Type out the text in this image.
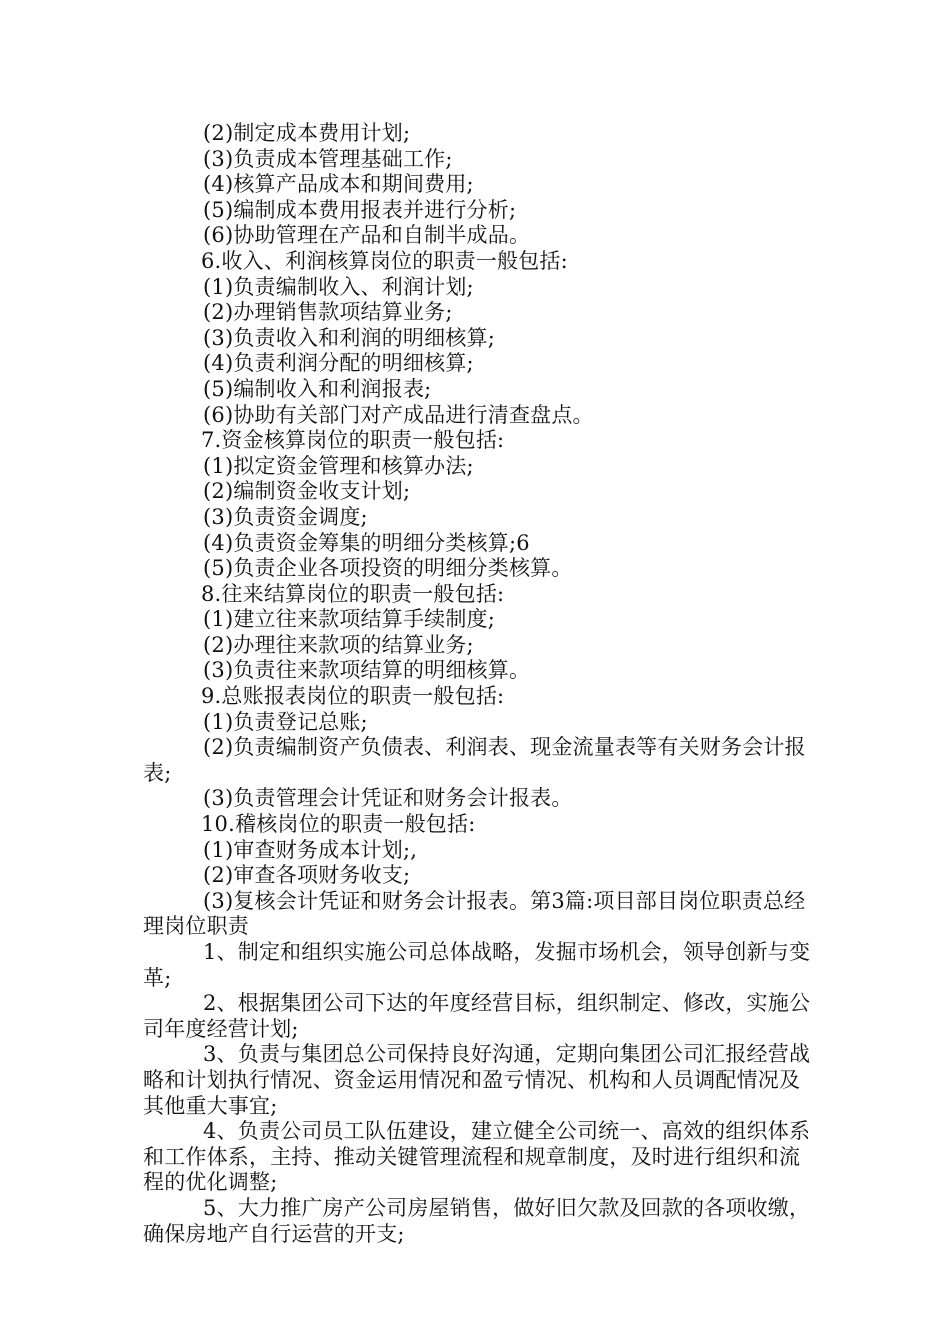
(2)制定成本费用计划;

(3)负责成本管理基础工作;

(4)核算产品成本和期间费用;

(5)编制成本费用报表并进行分析;

(6)协助管理在产品和自制半成品。

6.收入、利润核算岗位的职责一般包括:

(1)负责编制收入、利润计划;

(2)办理销售款项结算业务;

(3)负责收入和利润的明细核算;

(4)负责利润分配的明细核算;

(5)编制收入和利润报表;

(6)协助有关部门对产成品进行清查盘点。

7.资金核算岗位的职责一般包括:

(1)拟定资金管理和核算办法;

(2)编制资金收支计划;

(3)负责资金调度;

(4)负责资金筹集的明细分类核算;6

(5)负责企业各项投资的明细分类核算。

8.往来结算岗位的职责一般包括:

(1)建立往来款项结算手续制度;

(2)办理往来款项的结算业务;

(3)负责往来款项结算的明细核算。

9.总账报表岗位的职责一般包括:

(1)负责登记总账;

(2)负责编制资产负债表、利润表、现金流量表等有关财务会计报表;

(3)负责管理会计凭证和财务会计报表。

10.稽核岗位的职责一般包括:

(1)审查财务成本计划;,

(2)审查各项财务收支;

(3)复核会计凭证和财务会计报表。第3篇:项目部目岗位职责总经理岗位职责

1、制定和组织实施公司总体战略，发掘市场机会，领导创新与变革;

2、根据集团公司下达的年度经营目标，组织制定、修改，实施公司年度经营计划;

3、负责与集团总公司保持良好沟通，定期向集团公司汇报经营战略和计划执行情况、资金运用情况和盈亏情况、机构和人员调配情况及其他重大事宜;

4、负责公司员工队伍建设，建立健全公司统一、高效的组织体系和工作体系，主持、推动关键管理流程和规章制度，及时进行组织和流程的优化调整;

5、大力推广房产公司房屋销售，做好旧欠款及回款的各项收缴，确保房地产自行运营的开支;
